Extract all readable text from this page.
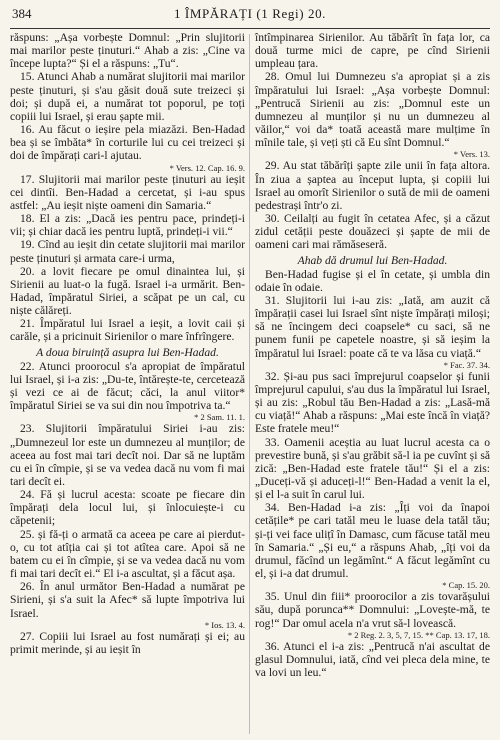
384	1 ÎMPĂRAȚI (1 Regi) 20.

răspuns: „Așa vorbește Domnul: „Prin slujitorii mai marilor peste ținuturi.“ Ahab a zis: „Cine va începe lupta?“ Și el a răspuns: „Tu“.

15. Atunci Ahab a numărat slujitorii mai marilor peste ținuturi, și s'au găsit două sute treizeci și doi; și după ei, a numărat tot poporul, pe toți copiii lui Israel, și erau șapte mii.

16. Au făcut o ieșire pela miazăzi. Ben-Hadad bea și se îmbăta* în corturile lui cu cei treizeci și doi de împărați cari-l ajutau.
* Vers. 12. Cap. 16. 9.

17. Slujitorii mai marilor peste ținuturi au ieșit cei dintîi. Ben-Hadad a cercetat, și i-au spus astfel: „Au ieșit niște oameni din Samaria.“

18. El a zis: „Dacă ies pentru pace, prindeți-i vii; și chiar dacă ies pentru luptă, prindeți-i vii.“

19. Cînd au ieșit din cetate slujitorii mai marilor peste ținuturi și armata care-i urma,

20. a lovit fiecare pe omul dinaintea lui, și Sirienii au luat-o la fugă. Israel i-a urmărit. Ben-Hadad, împăratul Siriei, a scăpat pe un cal, cu niște călăreți.

21. Împăratul lui Israel a ieșit, a lovit caii și carăle, și a pricinuit Sirienilor o mare înfrîngere.

A doua biruință asupra lui Ben-Hadad.

22. Atunci proorocul s'a apropiat de împăratul lui Israel, și i-a zis: „Du-te, întărește-te, cercetează și vezi ce ai de făcut; căci, la anul viitor* împăratul Siriei se va sui din nou împotriva ta.“
* 2 Sam. 11. 1.

23. Slujitorii împăratului Siriei i-au zis: „Dumnezeul lor este un dumnezeu al munților; de aceea au fost mai tari decît noi. Dar să ne luptăm cu ei în cîmpie, și se va vedea dacă nu vom fi mai tari decît ei.

24. Fă și lucrul acesta: scoate pe fiecare din împărați dela locul lui, și înlocuiește-i cu căpetenii;

25. și fă-ți o armată ca aceea pe care ai pierdut-o, cu tot atîția cai și tot atîtea care. Apoi să ne batem cu ei în cîmpie, și se va vedea dacă nu vom fi mai tari decît ei.“ El i-a ascultat, și a făcut așa.

26. În anul următor Ben-Hadad a numărat pe Sirieni, și s'a suit la Afec* să lupte împotriva lui Israel.
* Ios. 13. 4.

27. Copiii lui Israel au fost numărați și ei; au primit merinde, și au ieșit în

întîmpinarea Sirienilor. Au tăbărît în fața lor, ca două turme mici de capre, pe cînd Sirienii umpleau țara.

28. Omul lui Dumnezeu s'a apropiat și a zis împăratului lui Israel: „Așa vorbește Domnul: „Pentrucă Sirienii au zis: „Domnul este un dumnezeu al munților și nu un dumnezeu al văilor,“ voi da* toată această mare mulțime în mînile tale, și veți ști că Eu sînt Domnul.“
* Vers. 13.

29. Au stat tăbărîți șapte zile unii în fața altora. În ziua a șaptea au început lupta, și copiii lui Israel au omorît Sirienilor o sută de mii de oameni pedestrași într'o zi.

30. Ceilalți au fugit în cetatea Afec, și a căzut zidul cetății peste douăzeci și șapte de mii de oameni cari mai rămăseseră.

Ahab dă drumul lui Ben-Hadad.

Ben-Hadad fugise și el în cetate, și umbla din odaie în odaie.

31. Slujitorii lui i-au zis: „Iată, am auzit că împărații casei lui Israel sînt niște împărați miloși; să ne încingem deci coapsele* cu saci, să ne punem funii pe capetele noastre, și să ieșim la împăratul lui Israel: poate că te va lăsa cu viață.“
* Fac. 37. 34.

32. Și-au pus saci împrejurul coapselor și funii împrejurul capului, s'au dus la împăratul lui Israel, și au zis: „Robul tău Ben-Hadad a zis: „Lasă-mă cu viață!“ Ahab a răspuns: „Mai este încă în viață? Este fratele meu!“

33. Oamenii aceștia au luat lucrul acesta ca o prevestire bună, și s'au grăbit să-l ia pe cuvînt și să zică: „Ben-Hadad este fratele tău!“ Și el a zis: „Duceți-vă și aduceți-l!“ Ben-Hadad a venit la el, și el l-a suit în carul lui.

34. Ben-Hadad i-a zis: „Îți voi da înapoi cetățile* pe cari tatăl meu le luase dela tatăl tău; și-ți vei face ulițî în Damasc, cum făcuse tatăl meu în Samaria.“ „Și eu,“ a răspuns Ahab, „îți voi da drumul, făcînd un legămînt.“ A făcut legămînt cu el, și i-a dat drumul.
* Cap. 15. 20.

35. Unul din fiii* proorocilor a zis tovarășului său, după porunca** Domnului: „Lovește-mă, te rog!“ Dar omul acela n'a vrut să-l lovească.
* 2 Reg. 2. 3, 5, 7, 15. ** Cap. 13. 17, 18.

36. Atunci el i-a zis: „Pentrucă n'ai ascultat de glasul Domnului, iată, cînd vei pleca dela mine, te va lovi un leu.“
